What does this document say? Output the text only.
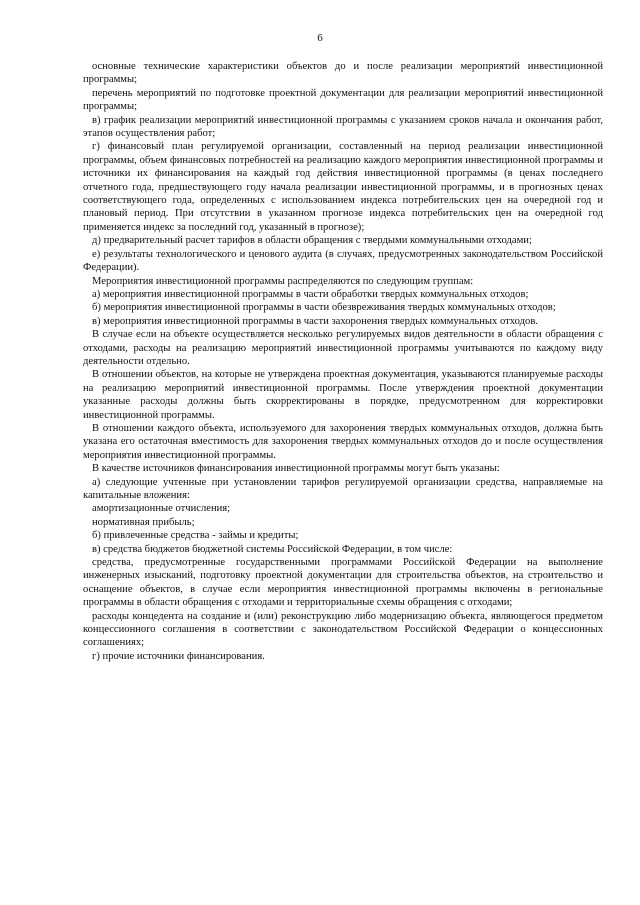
6

основные технические характеристики объектов до и после реализации мероприятий инвестиционной программы;

перечень мероприятий по подготовке проектной документации для реализации мероприятий инвестиционной программы;

в) график реализации мероприятий инвестиционной программы с указанием сроков начала и окончания работ, этапов осуществления работ;

г) финансовый план регулируемой организации, составленный на период реализации инвестиционной программы, объем финансовых потребностей на реализацию каждого мероприятия инвестиционной программы и источники их финансирования на каждый год действия инвестиционной программы (в ценах последнего отчетного года, предшествующего году начала реализации инвестиционной программы, и в прогнозных ценах соответствующего года, определенных с использованием индекса потребительских цен на очередной год и плановый период. При отсутствии в указанном прогнозе индекса потребительских цен на очередной год применяется индекс за последний год, указанный в прогнозе);

д) предварительный расчет тарифов в области обращения с твердыми коммунальными отходами;

е) результаты технологического и ценового аудита (в случаях, предусмотренных законодательством Российской Федерации).

Мероприятия инвестиционной программы распределяются по следующим группам:

а) мероприятия инвестиционной программы в части обработки твердых коммунальных отходов;

б) мероприятия инвестиционной программы в части обезвреживания твердых коммунальных отходов;

в) мероприятия инвестиционной программы в части захоронения твердых коммунальных отходов.

В случае если на объекте осуществляется несколько регулируемых видов деятельности в области обращения с отходами, расходы на реализацию мероприятий инвестиционной программы учитываются по каждому виду деятельности отдельно.

В отношении объектов, на которые не утверждена проектная документация, указываются планируемые расходы на реализацию мероприятий инвестиционной программы. После утверждения проектной документации указанные расходы должны быть скорректированы в порядке, предусмотренном для корректировки инвестиционной программы.

В отношении каждого объекта, используемого для захоронения твердых коммунальных отходов, должна быть указана его остаточная вместимость для захоронения твердых коммунальных отходов до и после осуществления мероприятия инвестиционной программы.

В качестве источников финансирования инвестиционной программы могут быть указаны:

а) следующие учтенные при установлении тарифов регулируемой организации средства, направляемые на капитальные вложения:

амортизационные отчисления;

нормативная прибыль;

б) привлеченные средства - займы и кредиты;

в) средства бюджетов бюджетной системы Российской Федерации, в том числе:

средства, предусмотренные государственными программами Российской Федерации на выполнение инженерных изысканий, подготовку проектной документации для строительства объектов, на строительство и оснащение объектов, в случае если мероприятия инвестиционной программы включены в региональные программы в области обращения с отходами и территориальные схемы обращения с отходами;

расходы концедента на создание и (или) реконструкцию либо модернизацию объекта, являющегося предметом концессионного соглашения в соответствии с законодательством Российской Федерации о концессионных соглашениях;

г) прочие источники финансирования.
